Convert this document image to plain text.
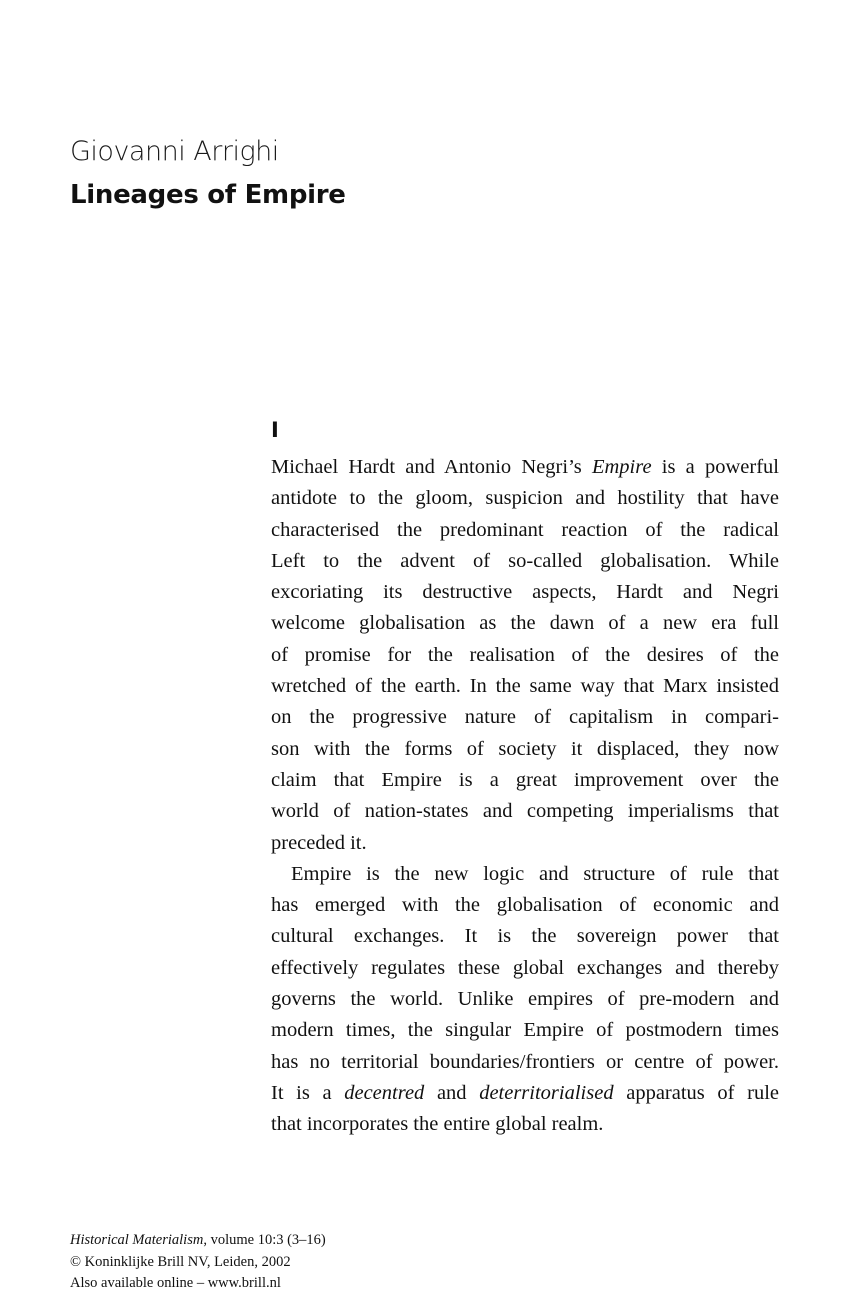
Giovanni Arrighi
Lineages of Empire
I
Michael Hardt and Antonio Negri’s Empire is a powerful
antidote to the gloom, suspicion and hostility that have
characterised the predominant reaction of the radical
Left to the advent of so-called globalisation. While
excoriating its destructive aspects, Hardt and Negri
welcome globalisation as the dawn of a new era full
of promise for the realisation of the desires of the
wretched of the earth. In the same way that Marx insisted
on the progressive nature of capitalism in compari-
son with the forms of society it displaced, they now
claim that Empire is a great improvement over the
world of nation-states and competing imperialisms that
preceded it.
Empire is the new logic and structure of rule that
has emerged with the globalisation of economic and
cultural exchanges. It is the sovereign power that
effectively regulates these global exchanges and thereby
governs the world. Unlike empires of pre-modern and
modern times, the singular Empire of postmodern times
has no territorial boundaries/frontiers or centre of power.
It is a decentred and deterritorialised apparatus of rule
that incorporates the entire global realm.
Historical Materialism, volume 10:3 (3–16)
© Koninklijke Brill NV, Leiden, 2002
Also available online – www.brill.nl
